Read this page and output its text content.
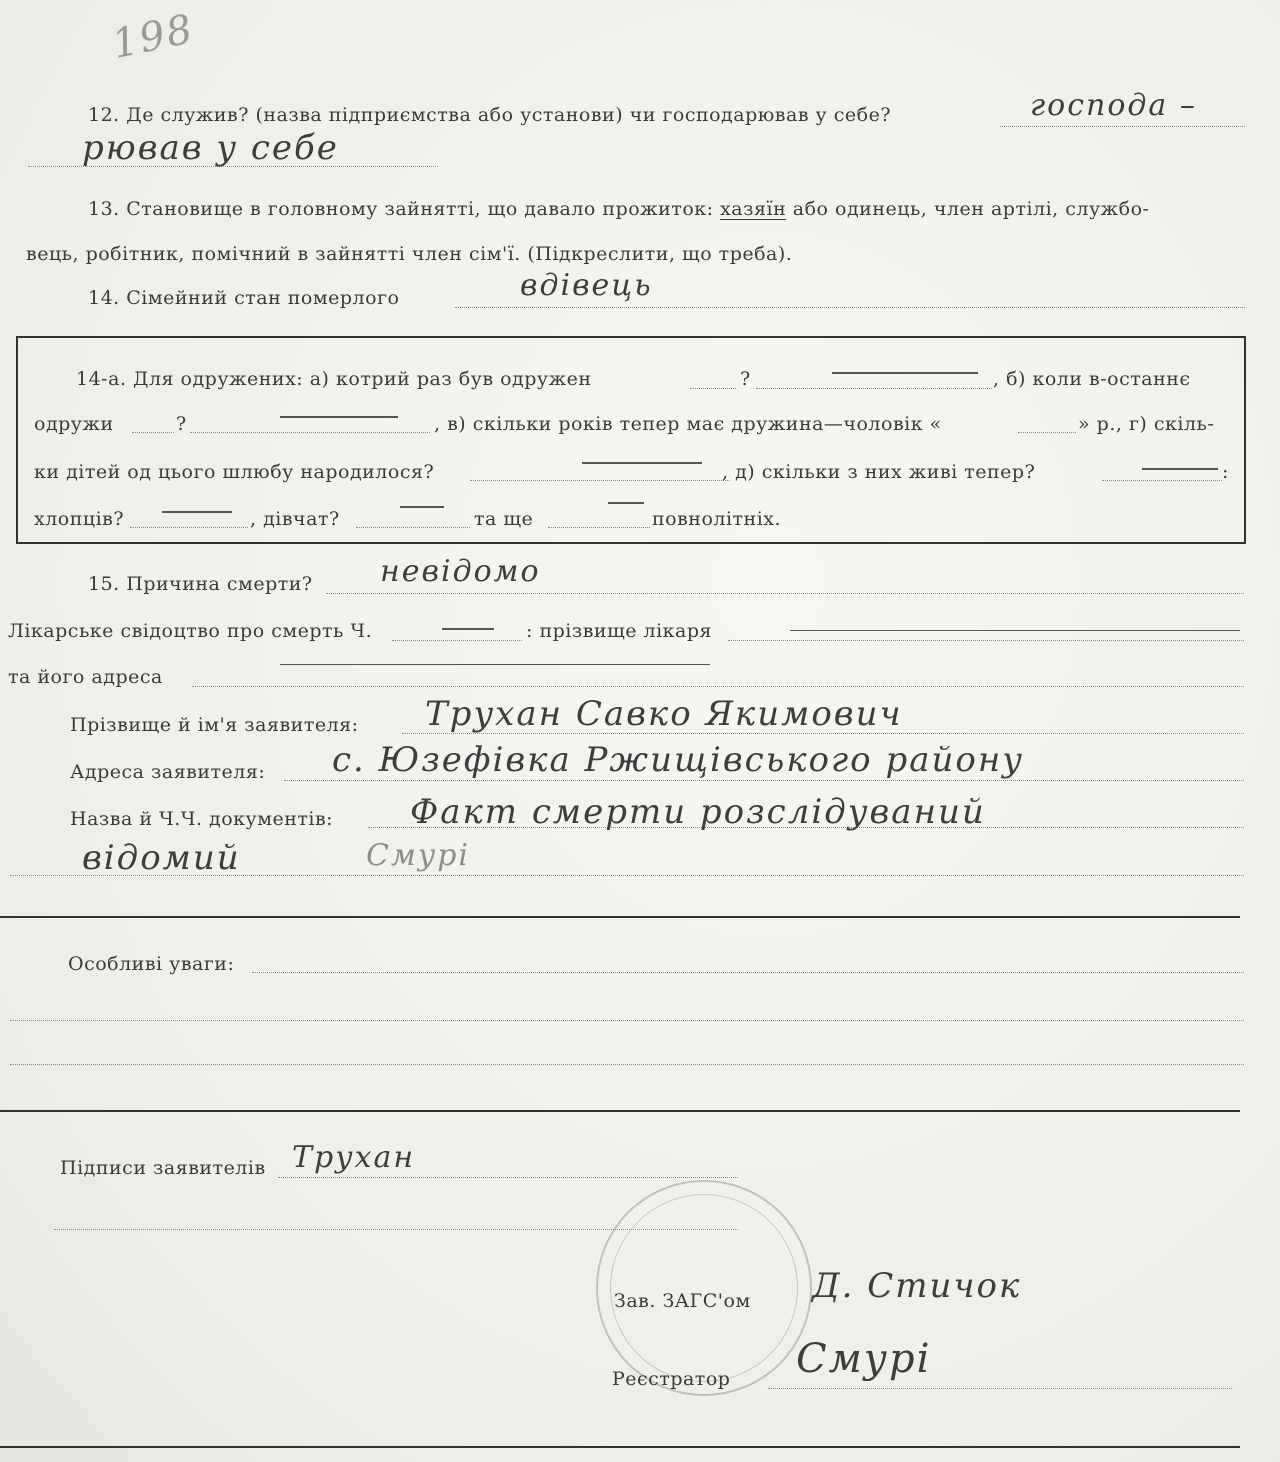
198
12. Де служив? (назва підприємства або установи) чи господарював у себе?	господа –
рював у себе
13. Становище в головному зайнятті, що давало прожиток: хазяїн або одинець, член артілі, службо-
вець, робітник, помічний в зайнятті член сім'ї. (Підкреслити, що треба).
14. Сімейний стан померлого	вдівець
14-а. Для одружених: а) котрий раз був одружен	?	, б) коли в-останнє
одружи	?	, в) скільки років тепер має дружина—чоловік «	» р., г) скіль-
ки дітей од цього шлюбу народилося?	, д) скільки з них живі тепер?	:
хлопців?	, дівчат?	та ще	повнолітніх.
15. Причина смерти? невідомо
Лікарське свідоцтво про смерть Ч.	: прізвище лікаря
та його адреса
Прізвище й ім'я заявителя: Трухан Савко Якимович
Адреса заявителя: с. Юзефівка Ржищівського району
Назва й Ч.Ч. документів: Факт смерти розслідуваний
відомий	Смурі
Особливі уваги:
Підписи заявителів Трухан
Зав. ЗАГС'ом Д. Стичок
Реєстратор Смурі
